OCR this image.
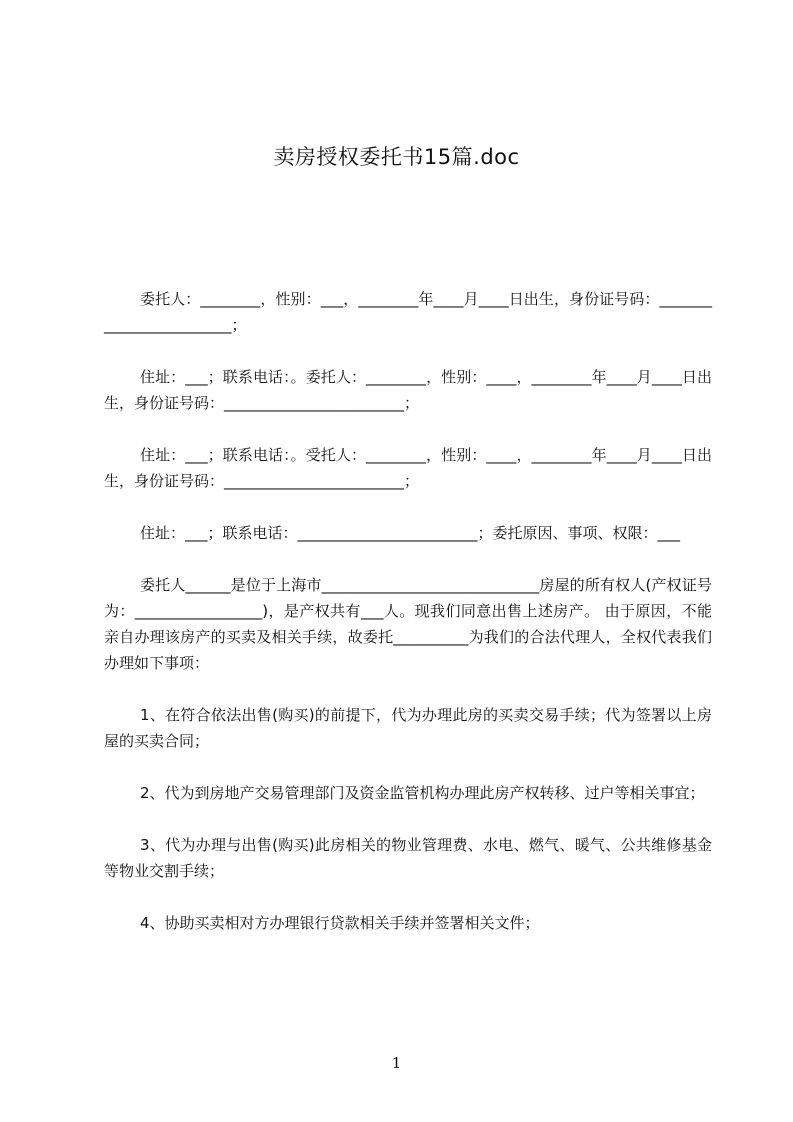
卖房授权委托书15篇.doc

委托人：________，性别：___，________年____月____日出生，身份证号码：________________________；

住址：___；联系电话：。委托人：________，性别：____，________年____月____日出生，身份证号码：________________________；

住址：___；联系电话：。受托人：________，性别：____，________年____月____日出生，身份证号码：________________________；

住址：___；联系电话：________________________；委托原因、事项、权限：___

委托人______是位于上海市_____________________________房屋的所有权人(产权证号为：_________________)，是产权共有___人。现我们同意出售上述房产。 由于原因，不能亲自办理该房产的买卖及相关手续，故委托__________为我们的合法代理人，全权代表我们办理如下事项：

1、在符合依法出售(购买)的前提下，代为办理此房的买卖交易手续；代为签署以上房屋的买卖合同；

2、代为到房地产交易管理部门及资金监管机构办理此房产权转移、过户等相关事宜；

3、代为办理与出售(购买)此房相关的物业管理费、水电、燃气、暖气、公共维修基金等物业交割手续；

4、协助买卖相对方办理银行贷款相关手续并签署相关文件；

1
